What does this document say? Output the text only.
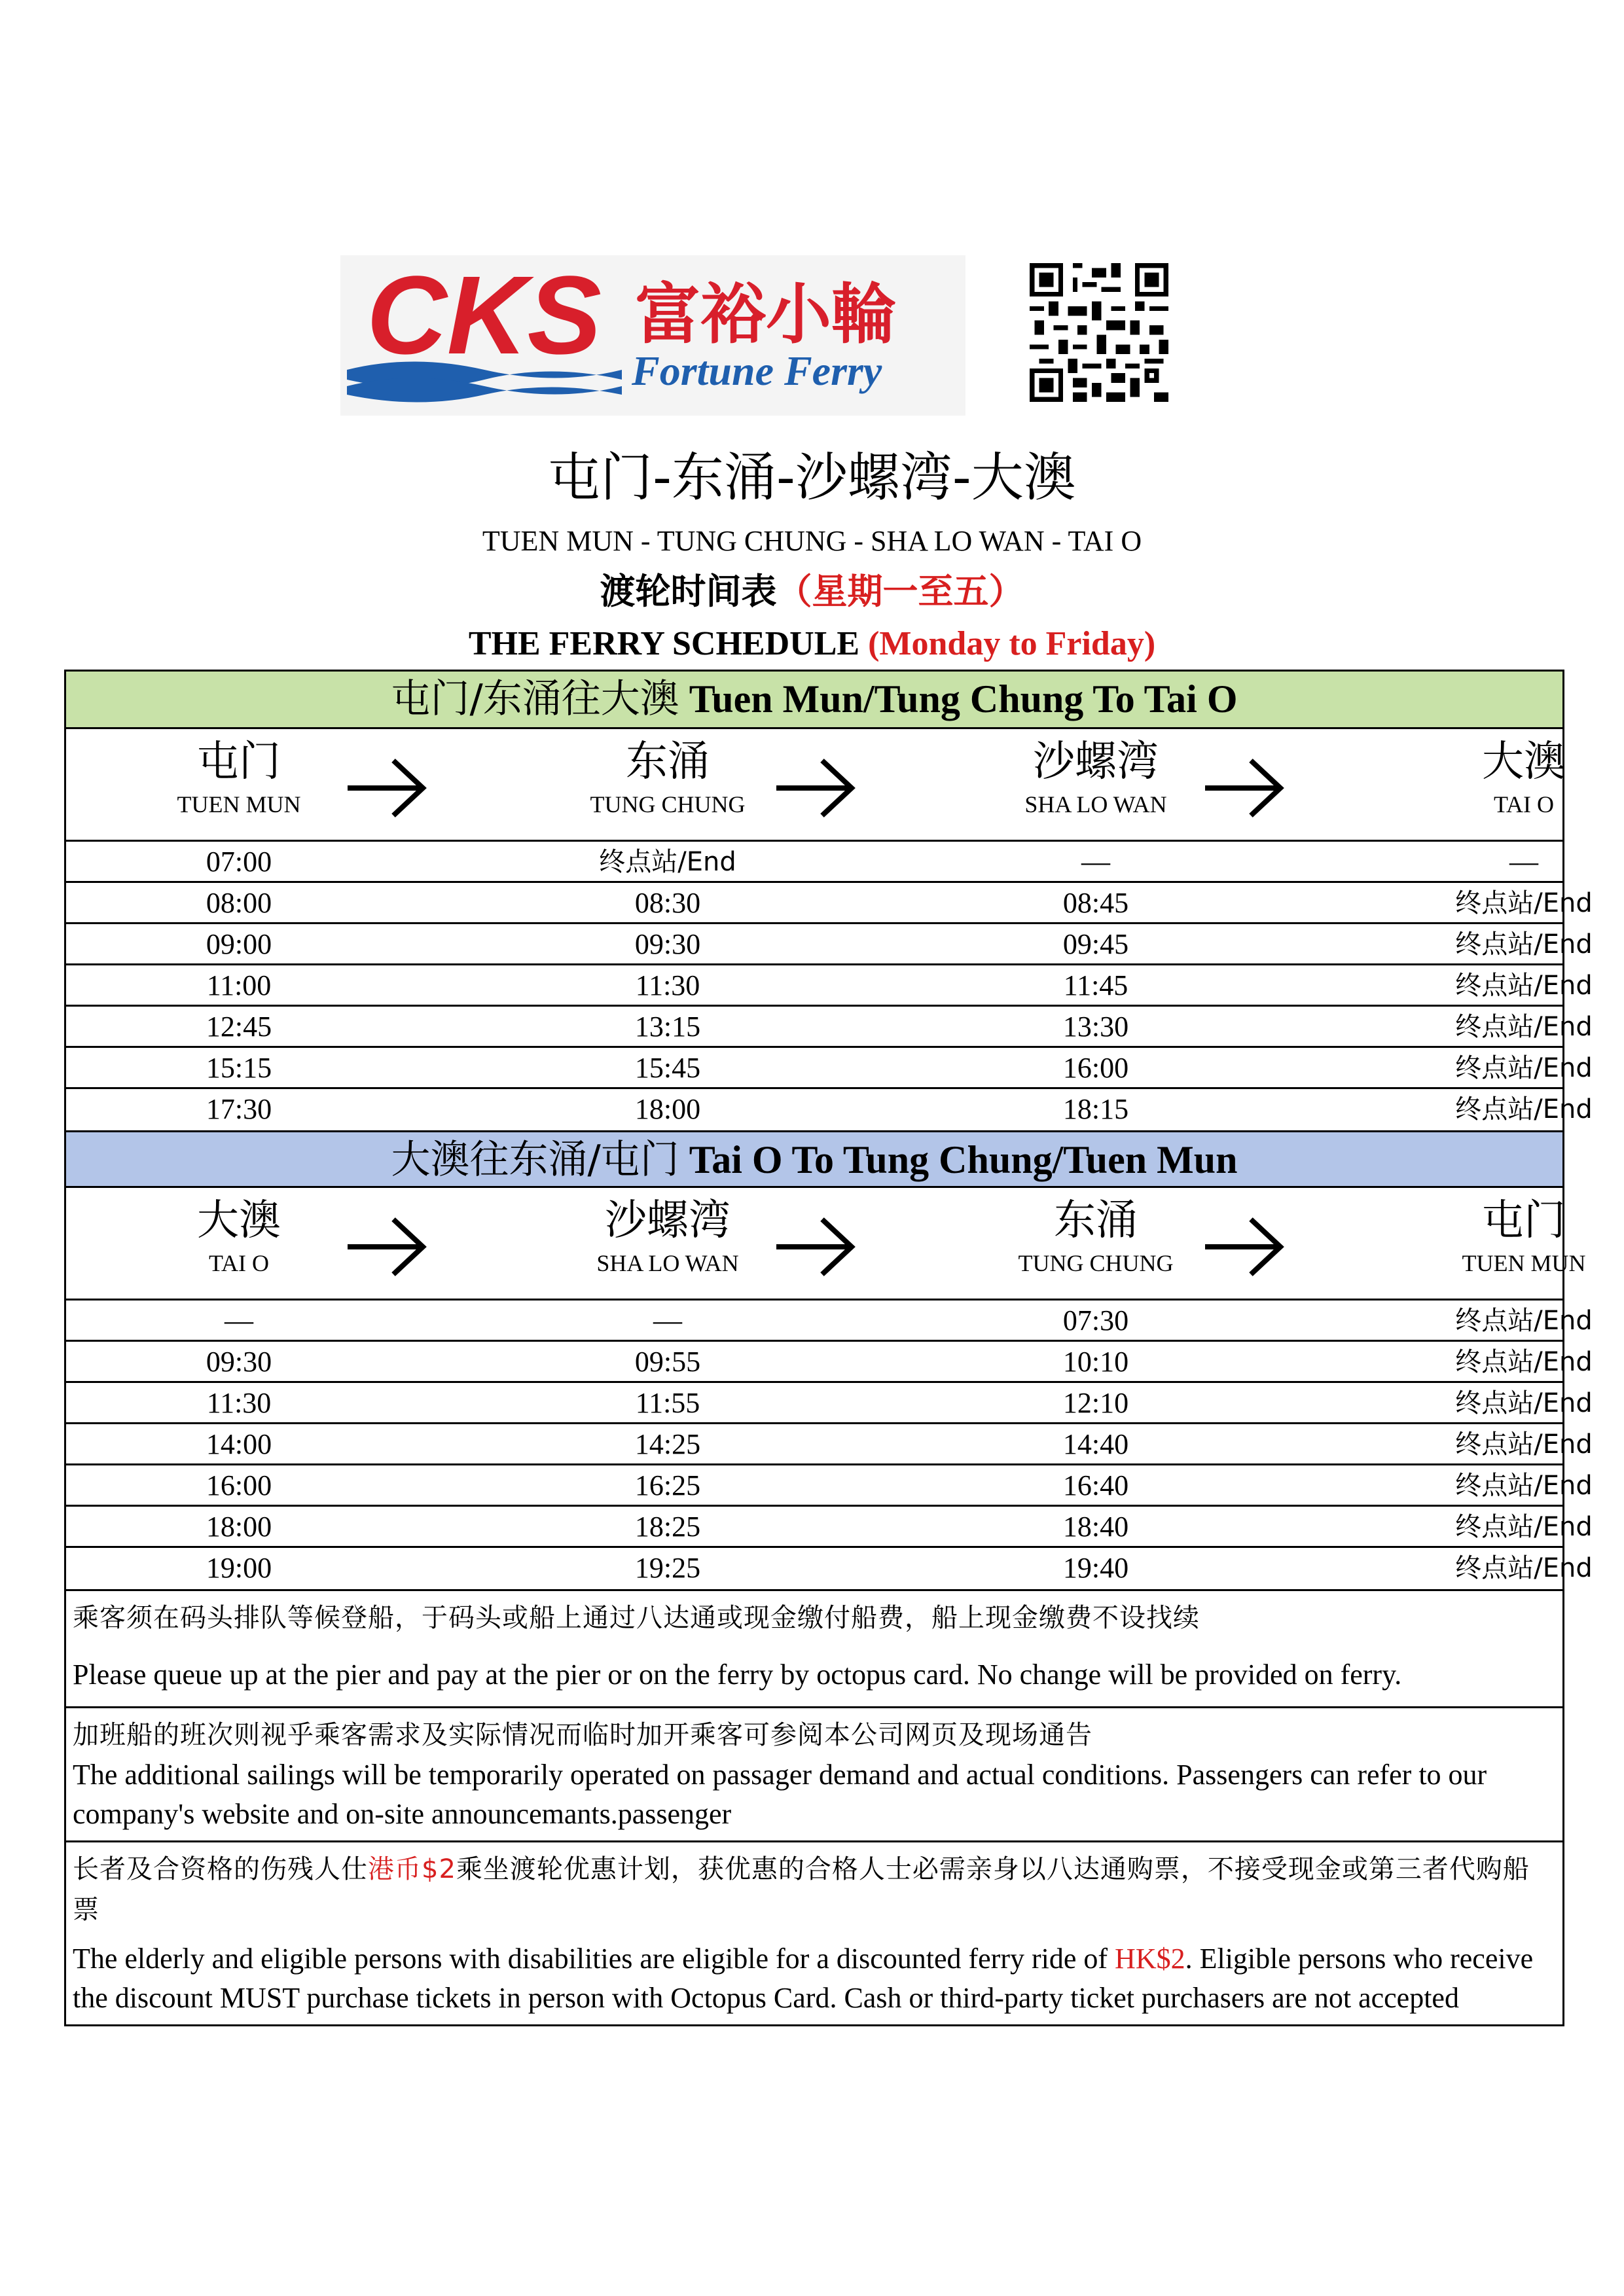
CKS 富裕小輪
Fortune Ferry
屯门-东涌-沙螺湾-大澳
TUEN MUN - TUNG CHUNG - SHA LO WAN - TAI O
渡轮时间表（星期一至五）
THE FERRY SCHEDULE (Monday to Friday)
屯门/东涌往大澳 Tuen Mun/Tung Chung To Tai O
屯门
TUEN MUN
东涌
TUNG CHUNG
沙螺湾
SHA LO WAN
大澳
TAI O
07:00	终点站/End	—	—
08:00	08:30	08:45	终点站/End
09:00	09:30	09:45	终点站/End
11:00	11:30	11:45	终点站/End
12:45	13:15	13:30	终点站/End
15:15	15:45	16:00	终点站/End
17:30	18:00	18:15	终点站/End
大澳往东涌/屯门 Tai O To Tung Chung/Tuen Mun
大澳
TAI O
沙螺湾
SHA LO WAN
东涌
TUNG CHUNG
屯门
TUEN MUN
—	—	07:30	终点站/End
09:30	09:55	10:10	终点站/End
11:30	11:55	12:10	终点站/End
14:00	14:25	14:40	终点站/End
16:00	16:25	16:40	终点站/End
18:00	18:25	18:40	终点站/End
19:00	19:25	19:40	终点站/End
乘客须在码头排队等候登船，于码头或船上通过八达通或现金缴付船费，船上现金缴费不设找续
Please queue up at the pier and pay at the pier or on the ferry by octopus card. No change will be provided on ferry.
加班船的班次则视乎乘客需求及实际情况而临时加开乘客可参阅本公司网页及现场通告
The additional sailings will be temporarily operated on passager demand and actual conditions. Passengers can refer to our company's website and on-site announcemants.passenger
长者及合资格的伤残人仕港币$2乘坐渡轮优惠计划，获优惠的合格人士必需亲身以八达通购票，不接受现金或第三者代购船票
The elderly and eligible persons with disabilities are eligible for a discounted ferry ride of HK$2. Eligible persons who receive the discount MUST purchase tickets in person with Octopus Card. Cash or third-party ticket purchasers are not accepted
